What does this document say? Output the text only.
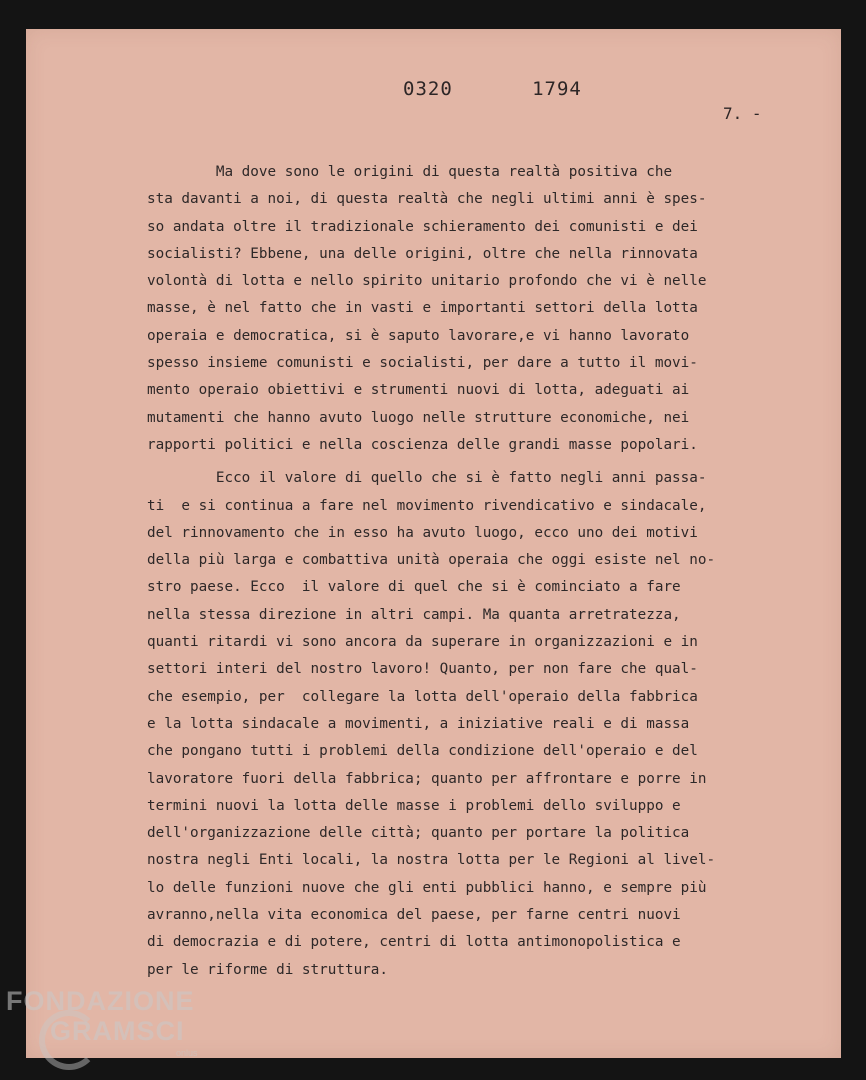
0320   1794
7. -
Ma dove sono le origini di questa realtà positiva che
sta davanti a noi, di questa realtà che negli ultimi anni è spes-
so andata oltre il tradizionale schieramento dei comunisti e dei
socialisti? Ebbene, una delle origini, oltre che nella rinnovata
volontà di lotta e nello spirito unitario profondo che vi è nelle
masse, è nel fatto che in vasti e importanti settori della lotta
operaia e democratica, si è saputo lavorare,e vi hanno lavorato
spesso insieme comunisti e socialisti, per dare a tutto il movi-
mento operaio obiettivi e strumenti nuovi di lotta, adeguati ai
mutamenti che hanno avuto luogo nelle strutture economiche, nei
rapporti politici e nella coscienza delle grandi masse popolari.
Ecco il valore di quello che si è fatto negli anni passa-
ti  e si continua a fare nel movimento rivendicativo e sindacale,
del rinnovamento che in esso ha avuto luogo, ecco uno dei motivi
della più larga e combattiva unità operaia che oggi esiste nel no-
stro paese. Ecco  il valore di quel che si è cominciato a fare
nella stessa direzione in altri campi. Ma quanta arretratezza,
quanti ritardi vi sono ancora da superare in organizzazioni e in
settori interi del nostro lavoro! Quanto, per non fare che qual-
che esempio, per  collegare la lotta dell'operaio della fabbrica
e la lotta sindacale a movimenti, a iniziative reali e di massa
che pongano tutti i problemi della condizione dell'operaio e del
lavoratore fuori della fabbrica; quanto per affrontare e porre in
termini nuovi la lotta delle masse i problemi dello sviluppo e
dell'organizzazione delle città; quanto per portare la politica
nostra negli Enti locali, la nostra lotta per le Regioni al livel-
lo delle funzioni nuove che gli enti pubblici hanno, e sempre più
avranno,nella vita economica del paese, per farne centri nuovi
di democrazia e di potere, centri di lotta antimonopolistica e
per le riforme di struttura.
FONDAZIONE
GRAMSCI
onlus
